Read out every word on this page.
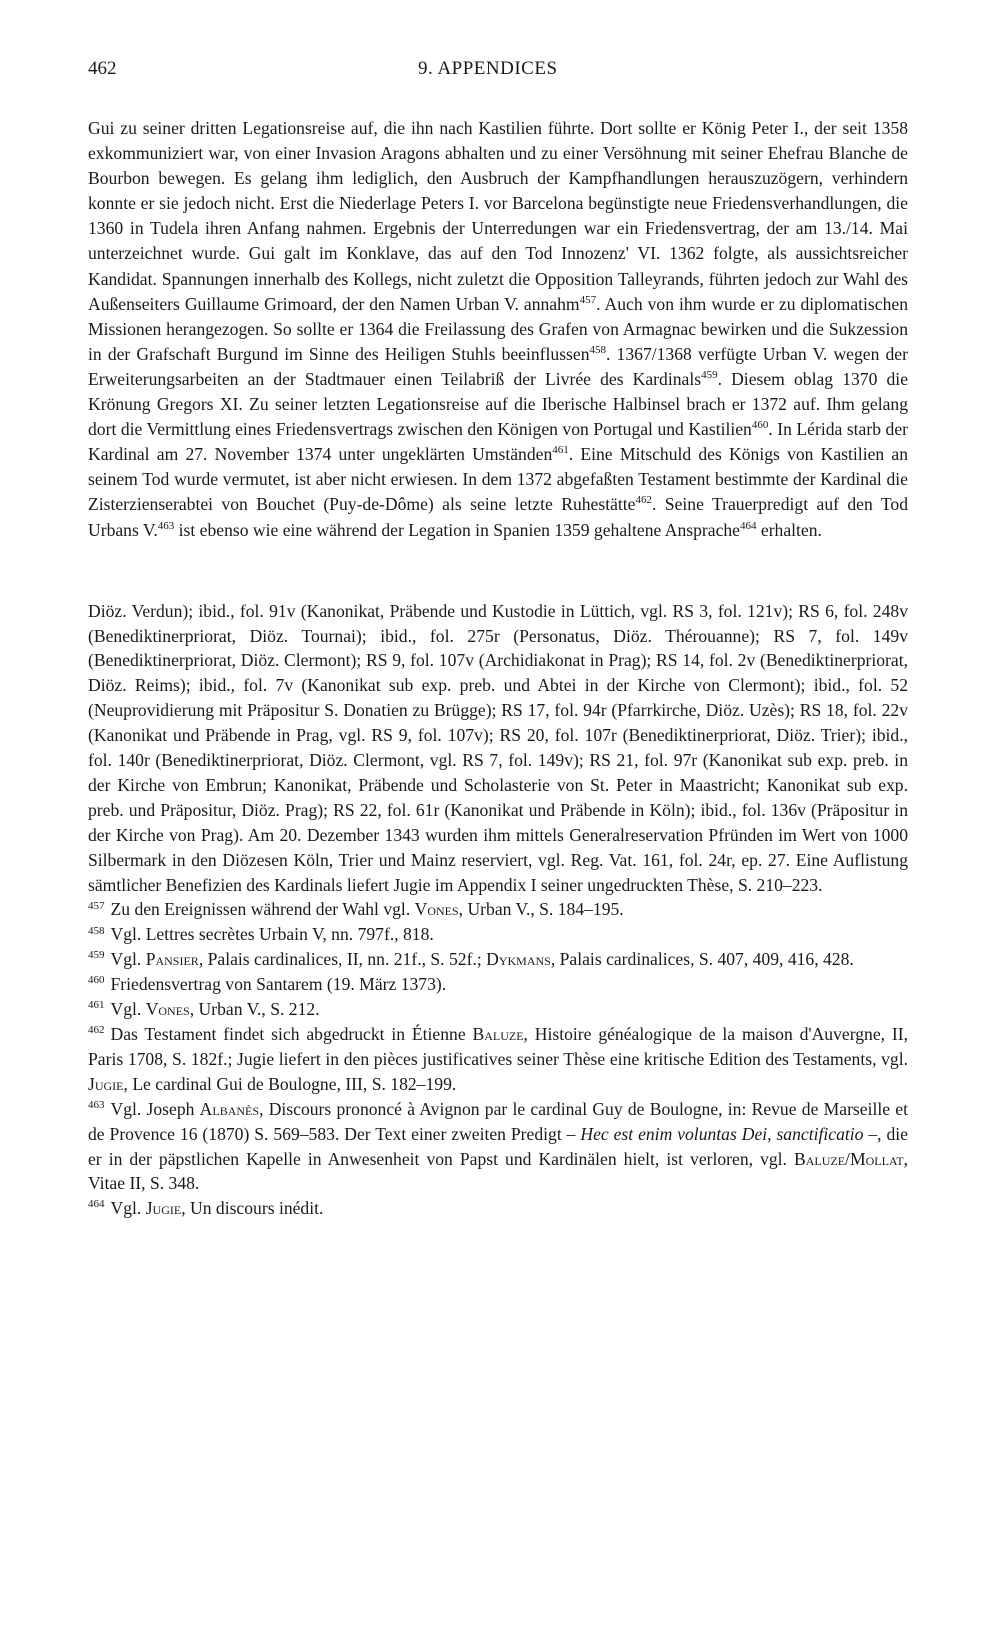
462	9. APPENDICES
Gui zu seiner dritten Legationsreise auf, die ihn nach Kastilien führte. Dort sollte er König Peter I., der seit 1358 exkommuniziert war, von einer Invasion Aragons abhalten und zu einer Versöhnung mit seiner Ehefrau Blanche de Bourbon bewegen. Es gelang ihm lediglich, den Ausbruch der Kampfhandlungen herauszuzögern, verhindern konnte er sie jedoch nicht. Erst die Niederlage Peters I. vor Barcelona begünstigte neue Friedensverhandlungen, die 1360 in Tudela ihren Anfang nahmen. Ergebnis der Unterredungen war ein Friedensvertrag, der am 13./14. Mai unterzeichnet wurde. Gui galt im Konklave, das auf den Tod Innozenz' VI. 1362 folgte, als aussichtsreicher Kandidat. Spannungen innerhalb des Kollegs, nicht zuletzt die Opposition Talleyrands, führten jedoch zur Wahl des Außenseiters Guillaume Grimoard, der den Namen Urban V. annahm$^{457}$. Auch von ihm wurde er zu diplomatischen Missionen herangezogen. So sollte er 1364 die Freilassung des Grafen von Armagnac bewirken und die Sukzession in der Grafschaft Burgund im Sinne des Heiligen Stuhls beeinflussen$^{458}$. 1367/1368 verfügte Urban V. wegen der Erweiterungsarbeiten an der Stadtmauer einen Teilabriß der Livrée des Kardinals$^{459}$. Diesem oblag 1370 die Krönung Gregors XI. Zu seiner letzten Legationsreise auf die Iberische Halbinsel brach er 1372 auf. Ihm gelang dort die Vermittlung eines Friedensvertrags zwischen den Königen von Portugal und Kastilien$^{460}$. In Lérida starb der Kardinal am 27. November 1374 unter ungeklärten Umständen$^{461}$. Eine Mitschuld des Königs von Kastilien an seinem Tod wurde vermutet, ist aber nicht erwiesen. In dem 1372 abgefaßten Testament bestimmte der Kardinal die Zisterzienserabtei von Bouchet (Puy-de-Dôme) als seine letzte Ruhestätte$^{462}$. Seine Trauerpredigt auf den Tod Urbans V.$^{463}$ ist ebenso wie eine während der Legation in Spanien 1359 gehaltene Ansprache$^{464}$ erhalten.

Diöz. Verdun); ibid., fol. 91v (Kanonikat, Präbende und Kustodie in Lüttich, vgl. RS 3, fol. 121v); RS 6, fol. 248v (Benediktinerpriorat, Diöz. Tournai); ibid., fol. 275r (Personatus, Diöz. Thérouanne); RS 7, fol. 149v (Benediktinerpriorat, Diöz. Clermont); RS 9, fol. 107v (Archidiakonat in Prag); RS 14, fol. 2v (Benediktinerpriorat, Diöz. Reims); ibid., fol. 7v (Kanonikat sub exp. preb. und Abtei in der Kirche von Clermont); ibid., fol. 52 (Neuprovidierung mit Präpositur S. Donatien zu Brügge); RS 17, fol. 94r (Pfarrkirche, Diöz. Uzès); RS 18, fol. 22v (Kanonikat und Präbende in Prag, vgl. RS 9, fol. 107v); RS 20, fol. 107r (Benediktinerpriorat, Diöz. Trier); ibid., fol. 140r (Benediktinerpriorat, Diöz. Clermont, vgl. RS 7, fol. 149v); RS 21, fol. 97r (Kanonikat sub exp. preb. in der Kirche von Embrun; Kanonikat, Präbende und Scholasterie von St. Peter in Maastricht; Kanonikat sub exp. preb. und Präpositur, Diöz. Prag); RS 22, fol. 61r (Kanonikat und Präbende in Köln); ibid., fol. 136v (Präpositur in der Kirche von Prag). Am 20. Dezember 1343 wurden ihm mittels Generalreservation Pfründen im Wert von 1000 Silbermark in den Diözesen Köln, Trier und Mainz reserviert, vgl. Reg. Vat. 161, fol. 24r, ep. 27. Eine Auflistung sämtlicher Benefizien des Kardinals liefert Jugie im Appendix I seiner ungedruckten Thèse, S. 210–223.

$^{457}$ Zu den Ereignissen während der Wahl vgl. Vones, Urban V., S. 184–195.

$^{458}$ Vgl. Lettres secrètes Urbain V, nn. 797f., 818.

$^{459}$ Vgl. Pansier, Palais cardinalices, II, nn. 21f., S. 52f.; Dykmans, Palais cardinalices, S. 407, 409, 416, 428.

$^{460}$ Friedensvertrag von Santarem (19. März 1373).

$^{461}$ Vgl. Vones, Urban V., S. 212.

$^{462}$ Das Testament findet sich abgedruckt in Étienne Baluze, Histoire généalogique de la maison d'Auvergne, II, Paris 1708, S. 182f.; Jugie liefert in den pièces justificatives seiner Thèse eine kritische Edition des Testaments, vgl. Jugie, Le cardinal Gui de Boulogne, III, S. 182–199.

$^{463}$ Vgl. Joseph Albanès, Discours prononcé à Avignon par le cardinal Guy de Boulogne, in: Revue de Marseille et de Provence 16 (1870) S. 569–583. Der Text einer zweiten Predigt – Hec est enim voluntas Dei, sanctificatio –, die er in der päpstlichen Kapelle in Anwesenheit von Papst und Kardinälen hielt, ist verloren, vgl. Baluze/Mollat, Vitae II, S. 348.

$^{464}$ Vgl. Jugie, Un discours inédit.
